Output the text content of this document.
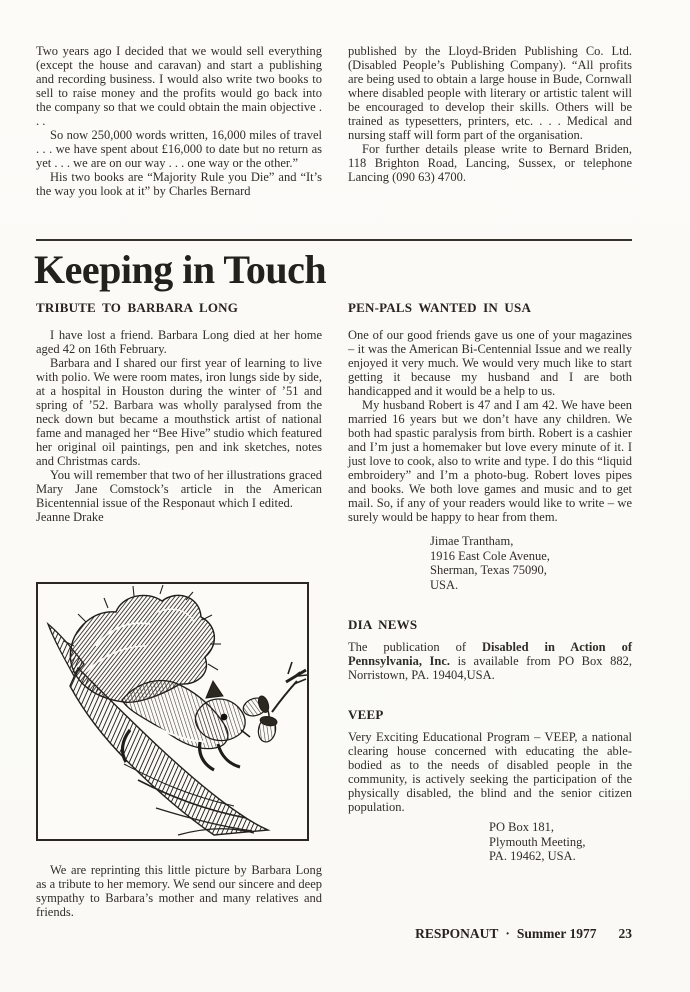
Two years ago I decided that we would sell everything (except the house and caravan) and start a publishing and recording business. I would also write two books to sell to raise money and the profits would go back into the company so that we could obtain the main objective . . .

So now 250,000 words written, 16,000 miles of travel . . . we have spent about £16,000 to date but no return as yet . . . we are on our way . . . one way or the other.”

His two books are “Majority Rule you Die” and “It’s the way you look at it” by Charles Bernard

published by the Lloyd-Briden Publishing Co. Ltd. (Disabled People’s Publishing Company). “All profits are being used to obtain a large house in Bude, Cornwall where disabled people with literary or artistic talent will be encouraged to develop their skills. Others will be trained as typesetters, printers, etc. . . . Medical and nursing staff will form part of the organisation.

For further details please write to Bernard Briden, 118 Brighton Road, Lancing, Sussex, or telephone Lancing (090 63) 4700.

Keeping in Touch
TRIBUTE TO BARBARA LONG

I have lost a friend. Barbara Long died at her home aged 42 on 16th February.

Barbara and I shared our first year of learning to live with polio. We were room mates, iron lungs side by side, at a hospital in Houston during the winter of ’51 and spring of ’52. Barbara was wholly paralysed from the neck down but became a mouthstick artist of national fame and managed her “Bee Hive” studio which featured her original oil paintings, pen and ink sketches, notes and Christmas cards.

You will remember that two of her illustrations graced Mary Jane Comstock’s article in the American Bicentennial issue of the Responaut which I edited.

Jeanne Drake

We are reprinting this little picture by Barbara Long as a tribute to her memory. We send our sincere and deep sympathy to Barbara’s mother and many relatives and friends.

PEN-PALS WANTED IN USA

One of our good friends gave us one of your magazines – it was the American Bi-Centennial Issue and we really enjoyed it very much. We would very much like to start getting it because my husband and I are both handicapped and it would be a help to us.

My husband Robert is 47 and I am 42. We have been married 16 years but we don’t have any children. We both had spastic paralysis from birth. Robert is a cashier and I’m just a homemaker but love every minute of it. I just love to cook, also to write and type. I do this “liquid embroidery” and I’m a photo-bug. Robert loves pipes and books. We both love games and music and to get mail. So, if any of your readers would like to write – we surely would be happy to hear from them.

Jimae Trantham,
1916 East Cole Avenue,
Sherman, Texas 75090,
USA.
DIA NEWS

The publication of Disabled in Action of Pennsylvania, Inc. is available from PO Box 882, Norristown, PA. 19404,USA.

VEEP

Very Exciting Educational Program – VEEP, a national clearing house concerned with educating the able-bodied as to the needs of disabled people in the community, is actively seeking the participation of the physically disabled, the blind and the senior citizen population.

PO Box 181,
Plymouth Meeting,
PA. 19462, USA.
RESPONAUT · Summer 1977 23
